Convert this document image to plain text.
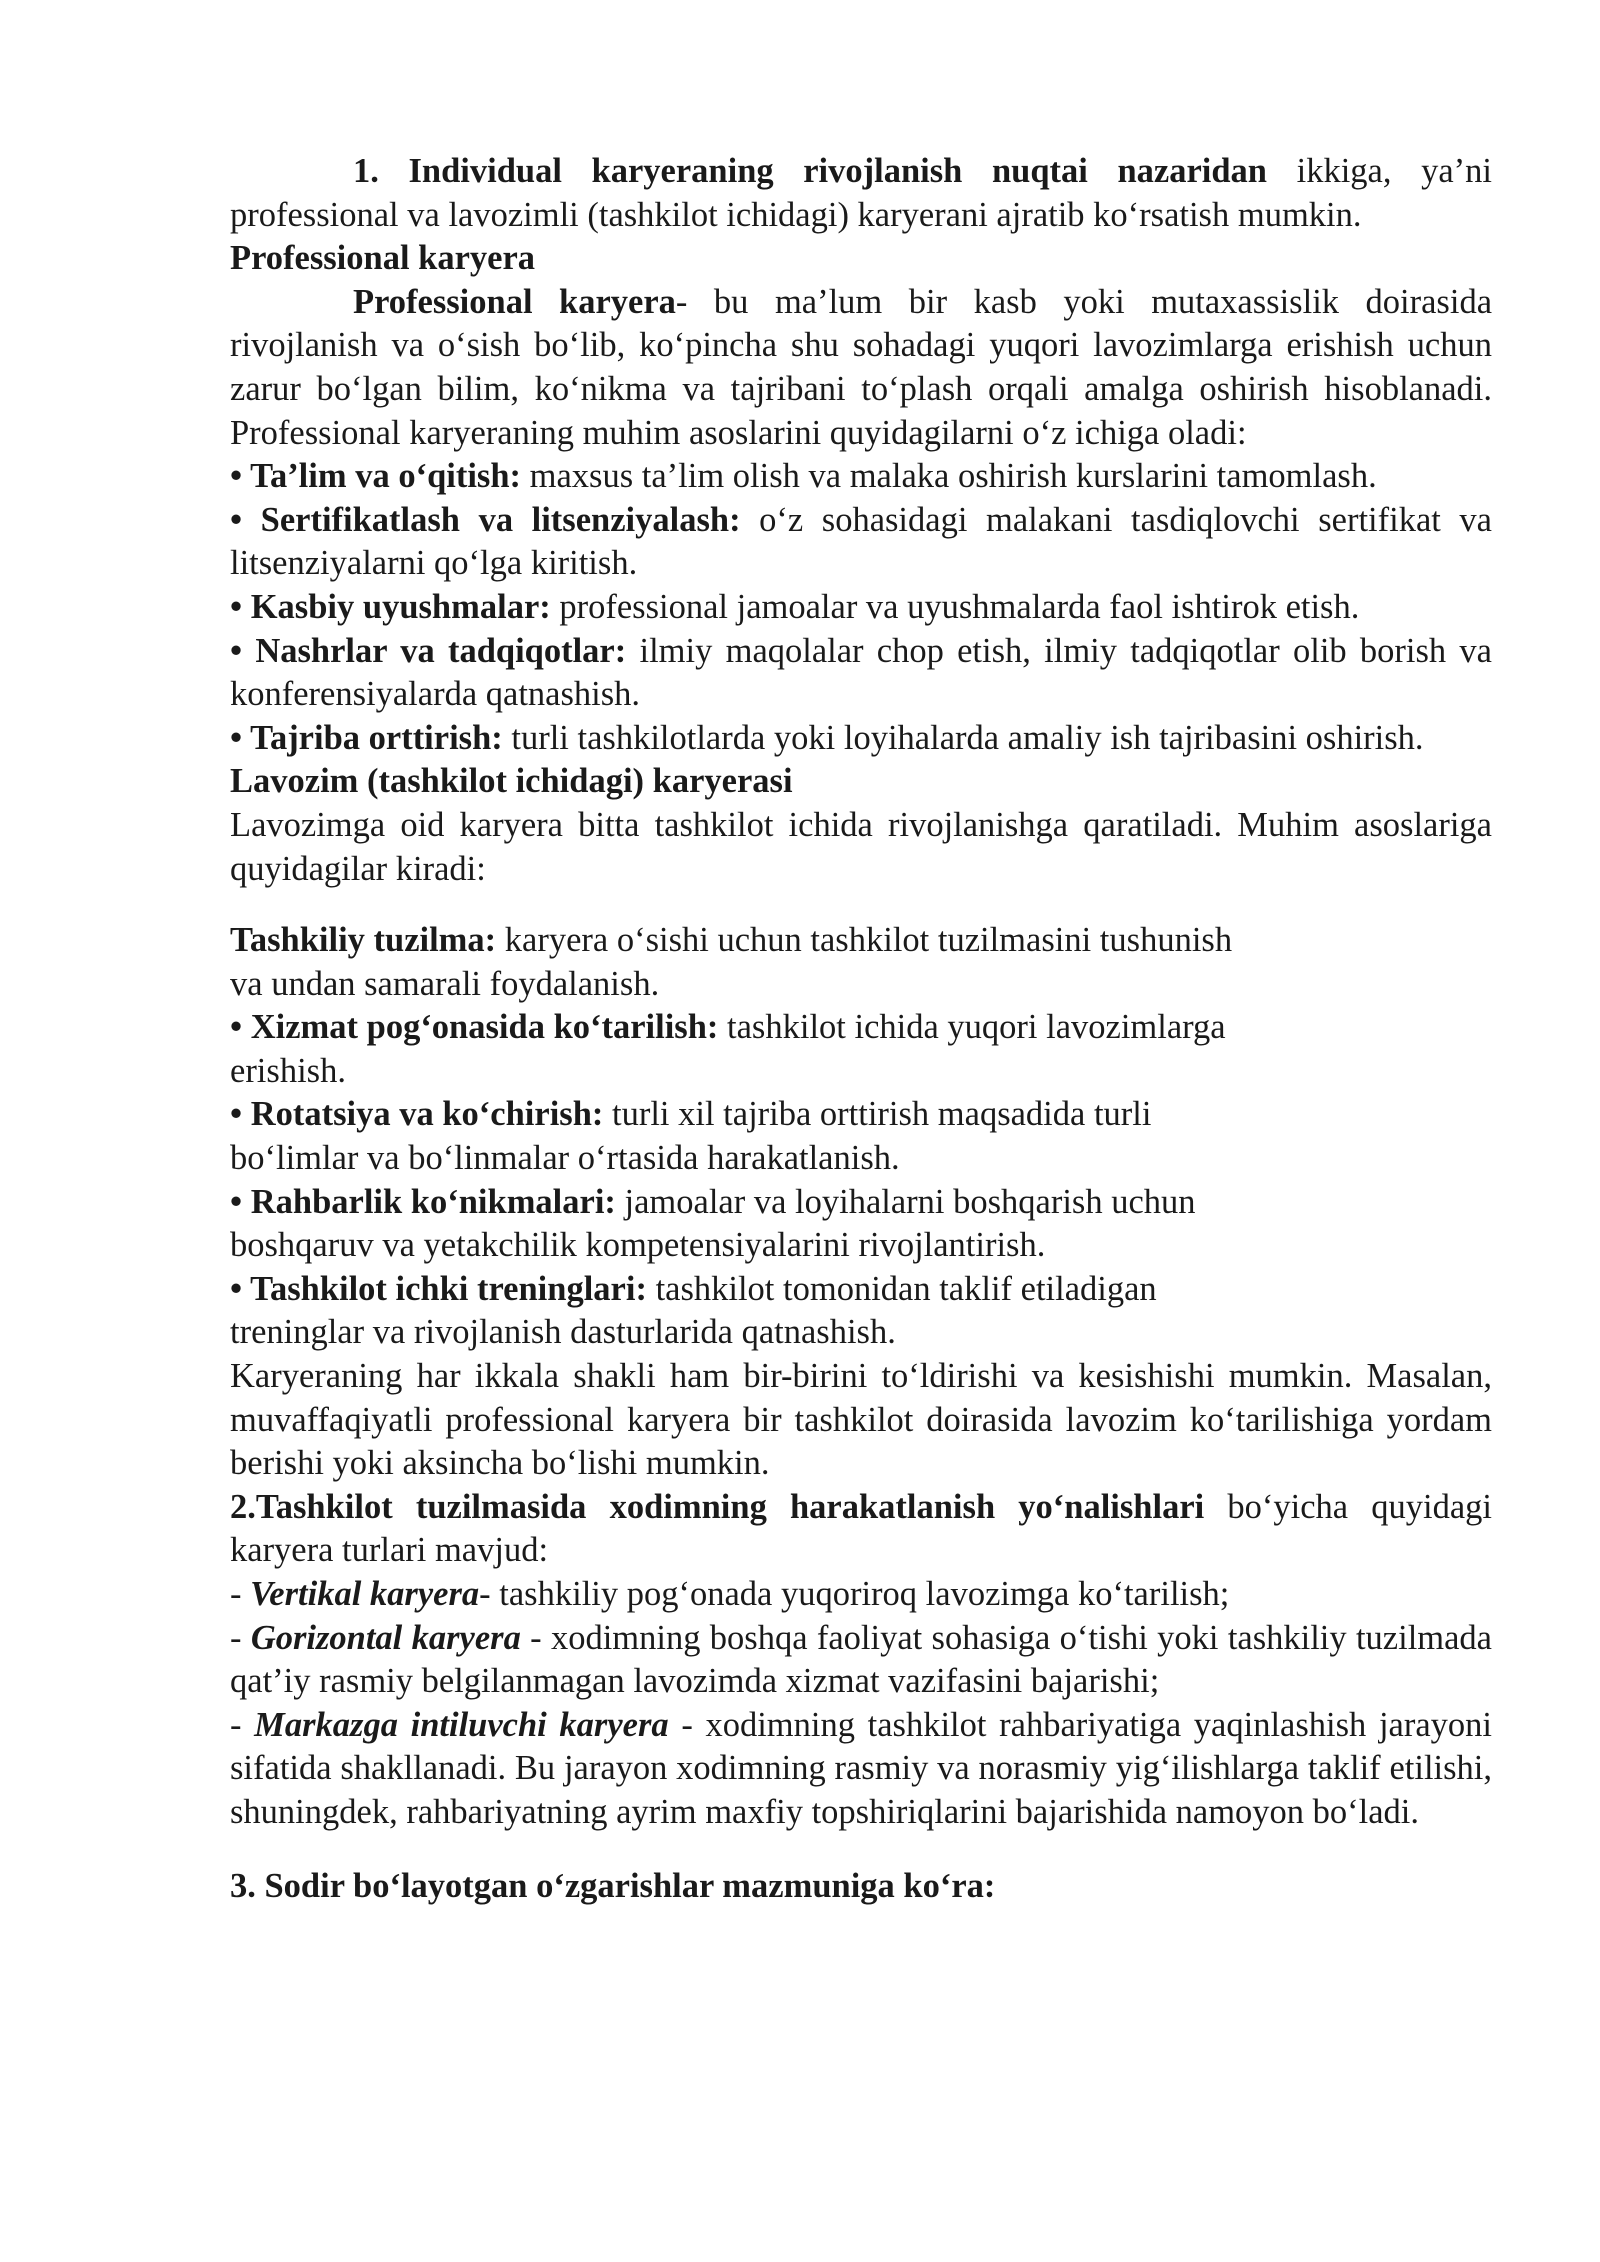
1. Individual karyeraning rivojlanish nuqtai nazaridan ikkiga, ya’ni professional va lavozimli (tashkilot ichidagi) karyerani ajratib ko‘rsatish mumkin.

Professional karyera

Professional karyera- bu ma’lum bir kasb yoki mutaxassislik doirasida rivojlanish va o‘sish bo‘lib, ko‘pincha shu sohadagi yuqori lavozimlarga erishish uchun zarur bo‘lgan bilim, ko‘nikma va tajribani to‘plash orqali amalga oshirish hisoblanadi. Professional karyeraning muhim asoslarini quyidagilarni o‘z ichiga oladi:

• Ta’lim va o‘qitish: maxsus ta’lim olish va malaka oshirish kurslarini tamomlash.

• Sertifikatlash va litsenziyalash: o‘z sohasidagi malakani tasdiqlovchi sertifikat va litsenziyalarni qo‘lga kiritish.

• Kasbiy uyushmalar: professional jamoalar va uyushmalarda faol ishtirok etish.

• Nashrlar va tadqiqotlar: ilmiy maqolalar chop etish, ilmiy tadqiqotlar olib borish va konferensiyalarda qatnashish.

• Tajriba orttirish: turli tashkilotlarda yoki loyihalarda amaliy ish tajribasini oshirish.

Lavozim (tashkilot ichidagi) karyerasi

Lavozimga oid karyera bitta tashkilot ichida rivojlanishga qaratiladi. Muhim asoslariga quyidagilar kiradi:

Tashkiliy tuzilma: karyera o‘sishi uchun tashkilot tuzilmasini tushunish
va undan samarali foydalanish.

• Xizmat pog‘onasida ko‘tarilish: tashkilot ichida yuqori lavozimlarga
erishish.

• Rotatsiya va ko‘chirish: turli xil tajriba orttirish maqsadida turli
bo‘limlar va bo‘linmalar o‘rtasida harakatlanish.

• Rahbarlik ko‘nikmalari: jamoalar va loyihalarni boshqarish uchun
boshqaruv va yetakchilik kompetensiyalarini rivojlantirish.

• Tashkilot ichki treninglari: tashkilot tomonidan taklif etiladigan
treninglar va rivojlanish dasturlarida qatnashish.

Karyeraning har ikkala shakli ham bir-birini to‘ldirishi va kesishishi mumkin. Masalan, muvaffaqiyatli professional karyera bir tashkilot doirasida lavozim ko‘tarilishiga yordam berishi yoki aksincha bo‘lishi mumkin.

2.Tashkilot tuzilmasida xodimning harakatlanish yo‘nalishlari bo‘yicha quyidagi karyera turlari mavjud:

- Vertikal karyera- tashkiliy pog‘onada yuqoriroq lavozimga ko‘tarilish;

- Gorizontal karyera - xodimning boshqa faoliyat sohasiga o‘tishi yoki tashkiliy tuzilmada qat’iy rasmiy belgilanmagan lavozimda xizmat vazifasini bajarishi;

- Markazga intiluvchi karyera - xodimning tashkilot rahbariyatiga yaqinlashish jarayoni sifatida shakllanadi. Bu jarayon xodimning rasmiy va norasmiy yig‘ilishlarga taklif etilishi, shuningdek, rahbariyatning ayrim maxfiy topshiriqlarini bajarishida namoyon bo‘ladi.

3. Sodir bo‘layotgan o‘zgarishlar mazmuniga ko‘ra:
